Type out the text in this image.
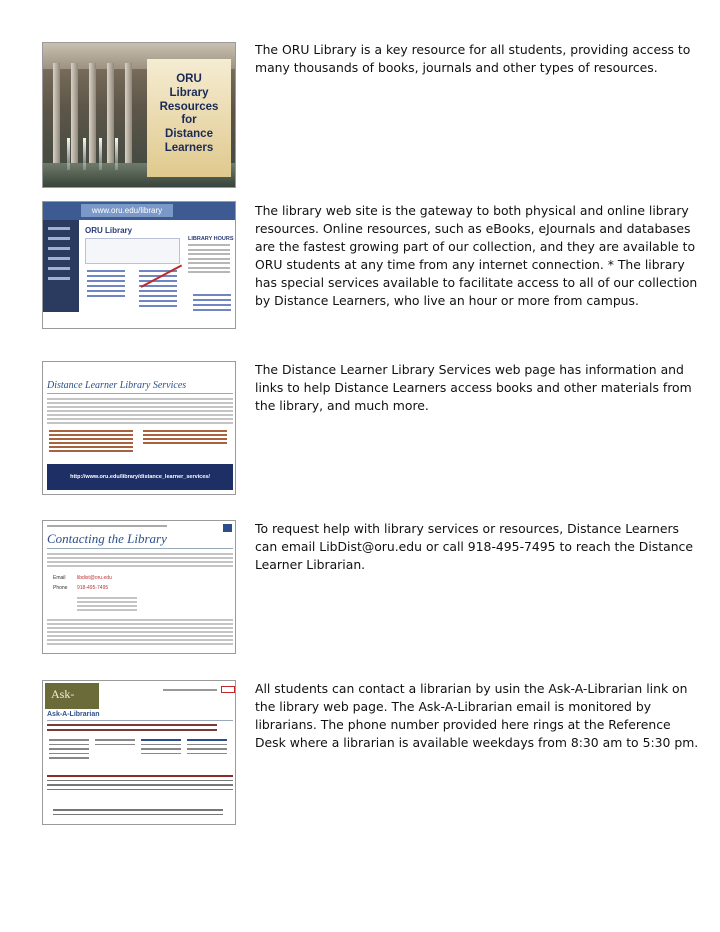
ORU
Library
Resources
for
Distance
Learners

The ORU Library is a key resource for all students, providing access to many thousands of books, journals and other types of resources.

www.oru.edu/library
ORU Library
LIBRARY HOURS

The library web site is the gateway to both physical and online library resources. Online resources, such as eBooks, eJournals and databases are the fastest growing part of our collection, and they are available to ORU students at any time from any internet connection. * The library has special services available to facilitate access to all of our collection by Distance Learners, who live an hour or more from campus.

Distance Learner Library Services
http://www.oru.edu/library/distance_learner_services/

The Distance Learner Library Services web page has information and links to help Distance Learners access books and other materials from the library, and much more.

Contacting the Library
Email libdist@oru.edu
Phone 918-495-7495

To request help with library services or resources, Distance Learners can email LibDist@oru.edu or call 918-495-7495 to reach the Distance Learner Librarian.

Ask-
Ask-A-Librarian

All students can contact a librarian by usin the Ask-A-Librarian link on the library web page. The Ask-A-Librarian email is monitored by librarians. The phone number provided here rings at the Reference Desk where a librarian is available weekdays from 8:30 am to 5:30 pm.
